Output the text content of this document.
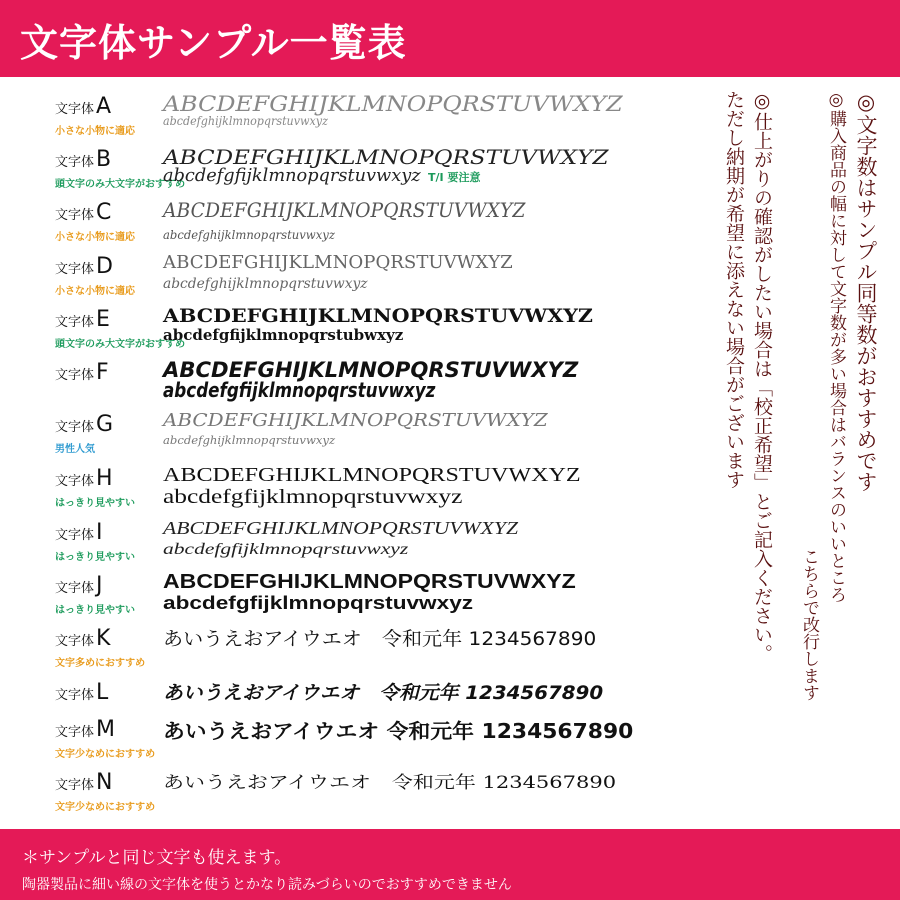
文字体サンプル一覧表
文字体A
小さな小物に適応
ABCDEFGHIJKLMNOPQRSTUVWXYZ
abcdefghijklmnopqrstuvwxyz
文字体B
頭文字のみ大文字がおすすめ
ABCDEFGHIJKLMNOPQRSTUVWXYZ
abcdefgfijklmnopqrstuvwxyz T/I 要注意
文字体C
小さな小物に適応
ABCDEFGHIJKLMNOPQRSTUVWXYZ
abcdefghijklmnopqrstuvwxyz
文字体D
小さな小物に適応
ABCDEFGHIJKLMNOPQRSTUVWXYZ
abcdefghijklmnopqrstuvwxyz
文字体E
頭文字のみ大文字がおすすめ
ABCDEFGHIJKLMNOPQRSTUVWXYZ
abcdefgfijklmnopqrstubwxyz
文字体F	ABCDEFGHIJKLMNOPQRSTUVWXYZ
abcdefgfijklmnopqrstuvwxyz
文字体G
男性人気
ABCDEFGHIJKLMNOPQRSTUVWXYZ
abcdefghijklmnopqrstuvwxyz
文字体H
はっきり見やすい
ABCDEFGHIJKLMNOPQRSTUVWXYZ
abcdefgfijklmnopqrstuvwxyz
文字体I
はっきり見やすい
ABCDEFGHIJKLMNOPQRSTUVWXYZ
abcdefgfijklmnopqrstuvwxyz
文字体J
はっきり見やすい
ABCDEFGHIJKLMNOPQRSTUVWXYZ
abcdefgfijklmnopqrstuvwxyz
文字体K
文字多めにおすすめ
あいうえおアイウエオ　令和元年 1234567890
文字体L	あいうえおアイウエオ　令和元年 1234567890
文字体M
文字少なめにおすすめ
あいうえおアイウエオ 令和元年 1234567890
文字体N
文字少なめにおすすめ
あいうえおアイウエオ　令和元年 1234567890
◎文字数はサンプル同等数がおすすめです
◎購入商品の幅に対して文字数が多い場合はバランスのいいところ
こちらで改行します
◎仕上がりの確認がしたい場合は「校正希望」とご記入ください。
ただし納期が希望に添えない場合がございます
＊サンプルと同じ文字も使えます。
陶器製品に細い線の文字体を使うとかなり読みづらいのでおすすめできません
